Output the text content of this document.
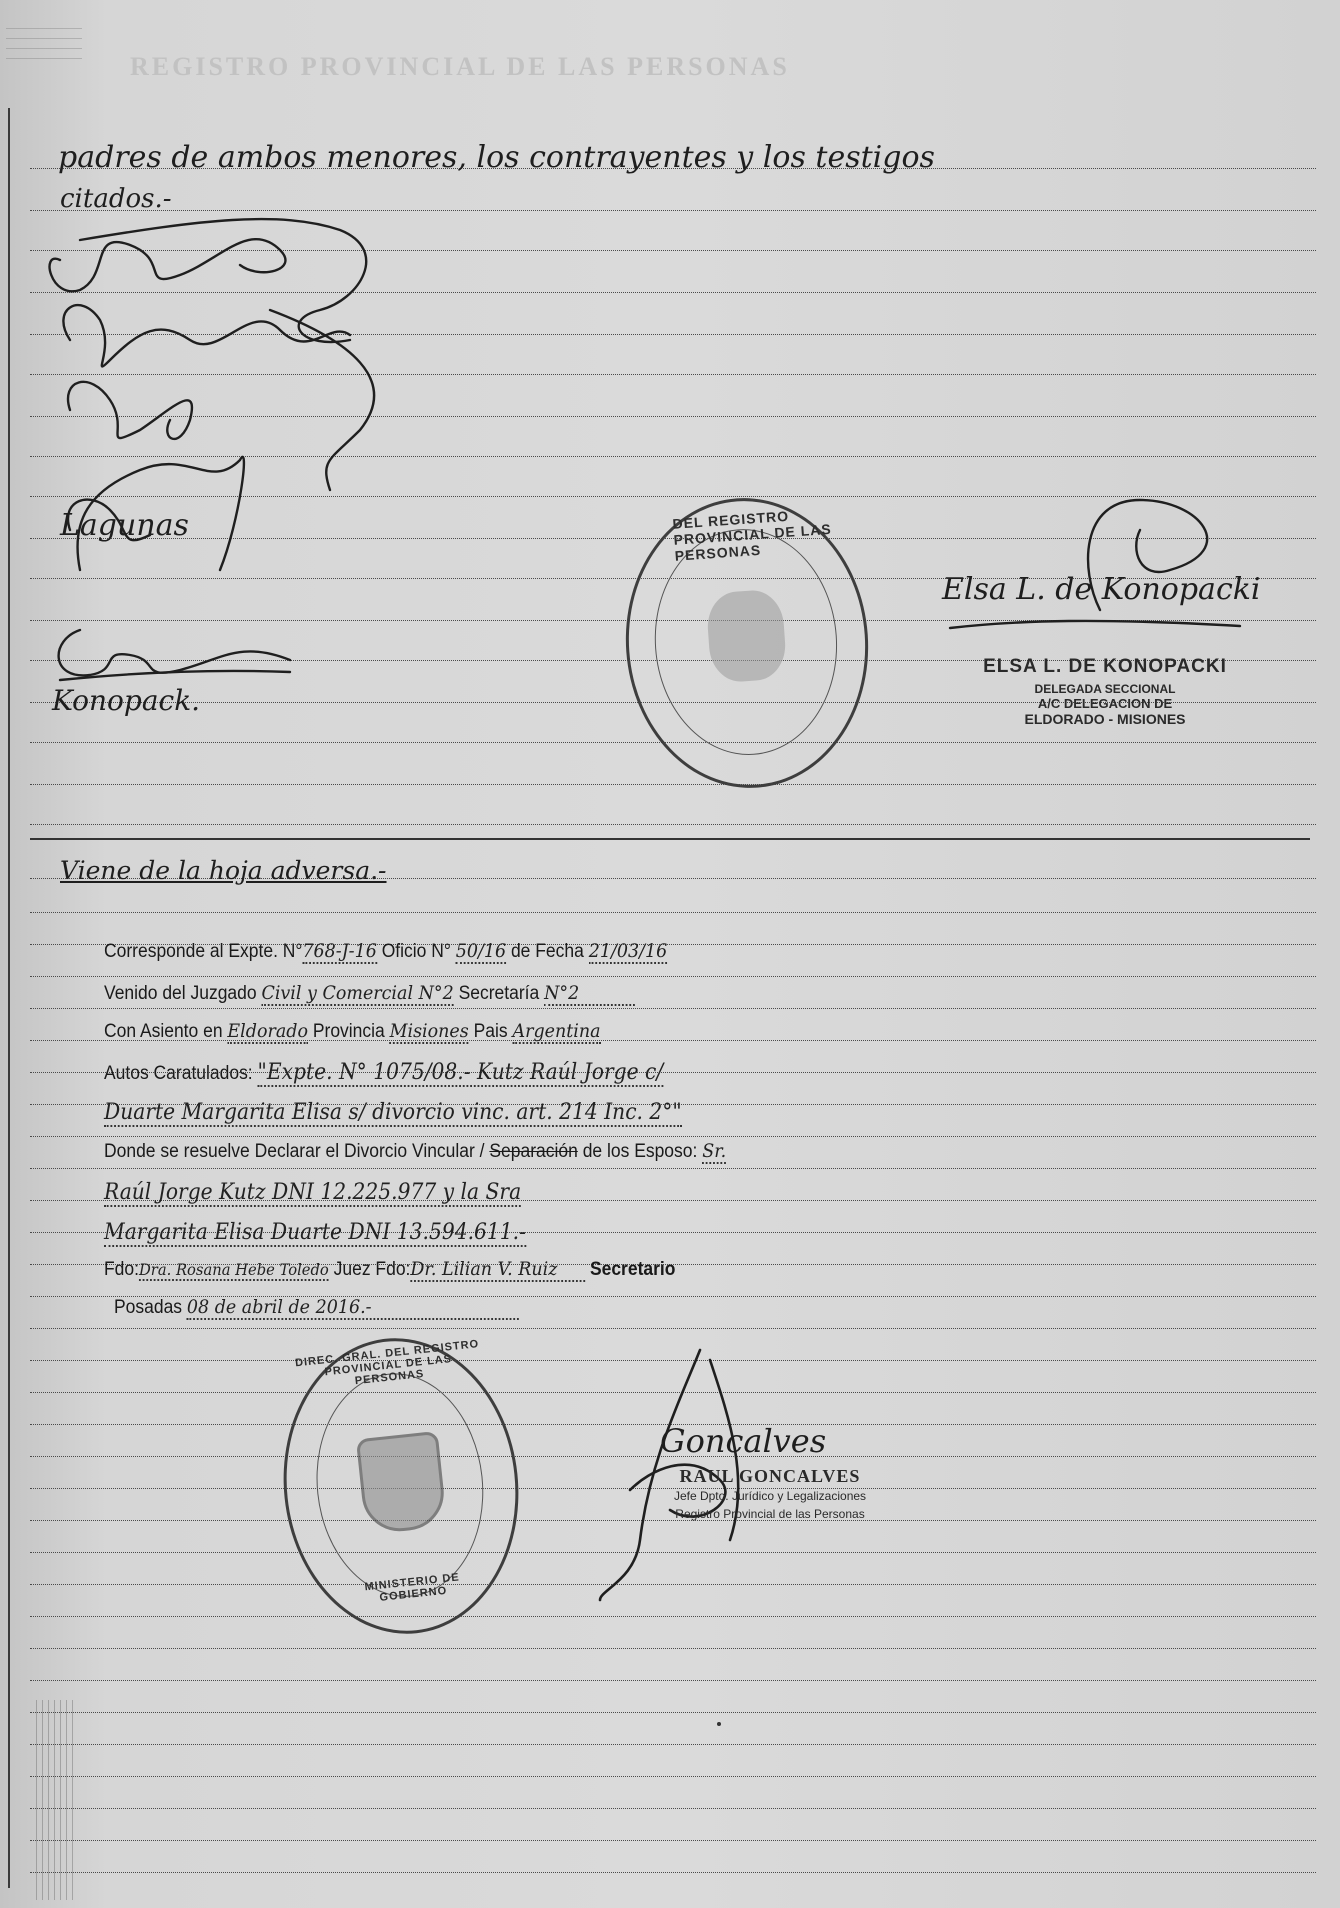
REGISTRO PROVINCIAL DE LAS PERSONAS
padres de ambos menores, los contrayentes y los testigos
citados.-
Lagunas
Konopack.
DEL REGISTRO PROVINCIAL DE LAS PERSONAS
Elsa L. de Konopacki
ELSA L. DE KONOPACKI
DELEGADA SECCIONAL
A/C DELEGACION DE
ELDORADO - MISIONES
Viene de la hoja adversa.-
Corresponde al Expte. N°768-J-16 Oficio N° 50/16 de Fecha 21/03/16
Venido del Juzgado Civil y Comercial N°2 Secretaría N°2
Con Asiento en Eldorado Provincia Misiones Pais Argentina
Autos Caratulados: "Expte. N° 1075/08.- Kutz Raúl Jorge c/
Duarte Margarita Elisa s/ divorcio vinc. art. 214 Inc. 2°"
Donde se resuelve Declarar el Divorcio Vincular / Separación de los Esposo: Sr.
Raúl Jorge Kutz DNI 12.225.977 y la Sra
Margarita Elisa Duarte DNI 13.594.611.-
Fdo:Dra. Rosana Hebe Toledo Juez Fdo:Dr. Lilian V. Ruiz Secretario
Posadas 08 de abril de 2016.-
DIREC. GRAL. DEL REGISTRO PROVINCIAL DE LAS PERSONAS
MINISTERIO DE GOBIERNO
Goncalves
RAUL GONCALVES
Jefe Dpto. Jurídico y Legalizaciones
Registro Provincial de las Personas
